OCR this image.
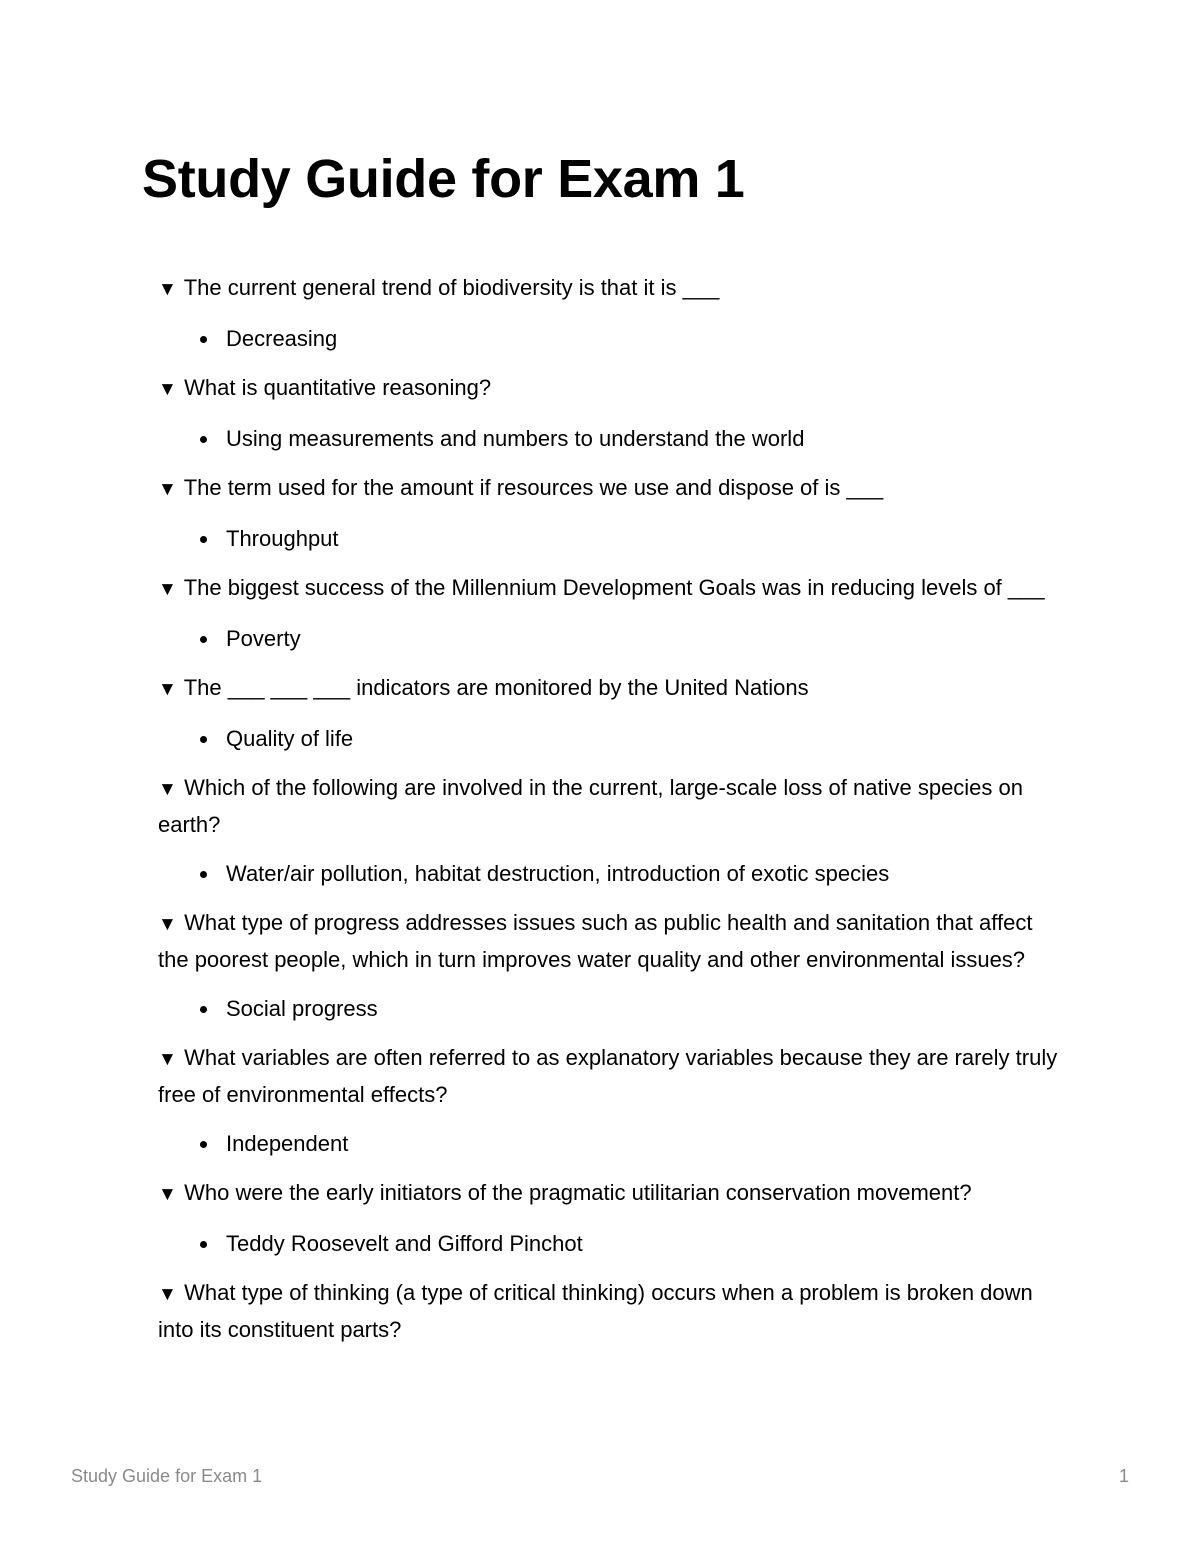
Study Guide for Exam 1

▼ The current general trend of biodiversity is that it is ___

Decreasing

▼ What is quantitative reasoning?

Using measurements and numbers to understand the world

▼ The term used for the amount if resources we use and dispose of is ___

Throughput

▼ The biggest success of the Millennium Development Goals was in reducing levels of ___

Poverty

▼ The ___ ___ ___ indicators are monitored by the United Nations

Quality of life

▼ Which of the following are involved in the current, large-scale loss of native species on earth?

Water/air pollution, habitat destruction, introduction of exotic species

▼ What type of progress addresses issues such as public health and sanitation that affect the poorest people, which in turn improves water quality and other environmental issues?

Social progress

▼ What variables are often referred to as explanatory variables because they are rarely truly free of environmental effects?

Independent

▼ Who were the early initiators of the pragmatic utilitarian conservation movement?

Teddy Roosevelt and Gifford Pinchot

▼ What type of thinking (a type of critical thinking) occurs when a problem is broken down into its constituent parts?

Study Guide for Exam 1	1
